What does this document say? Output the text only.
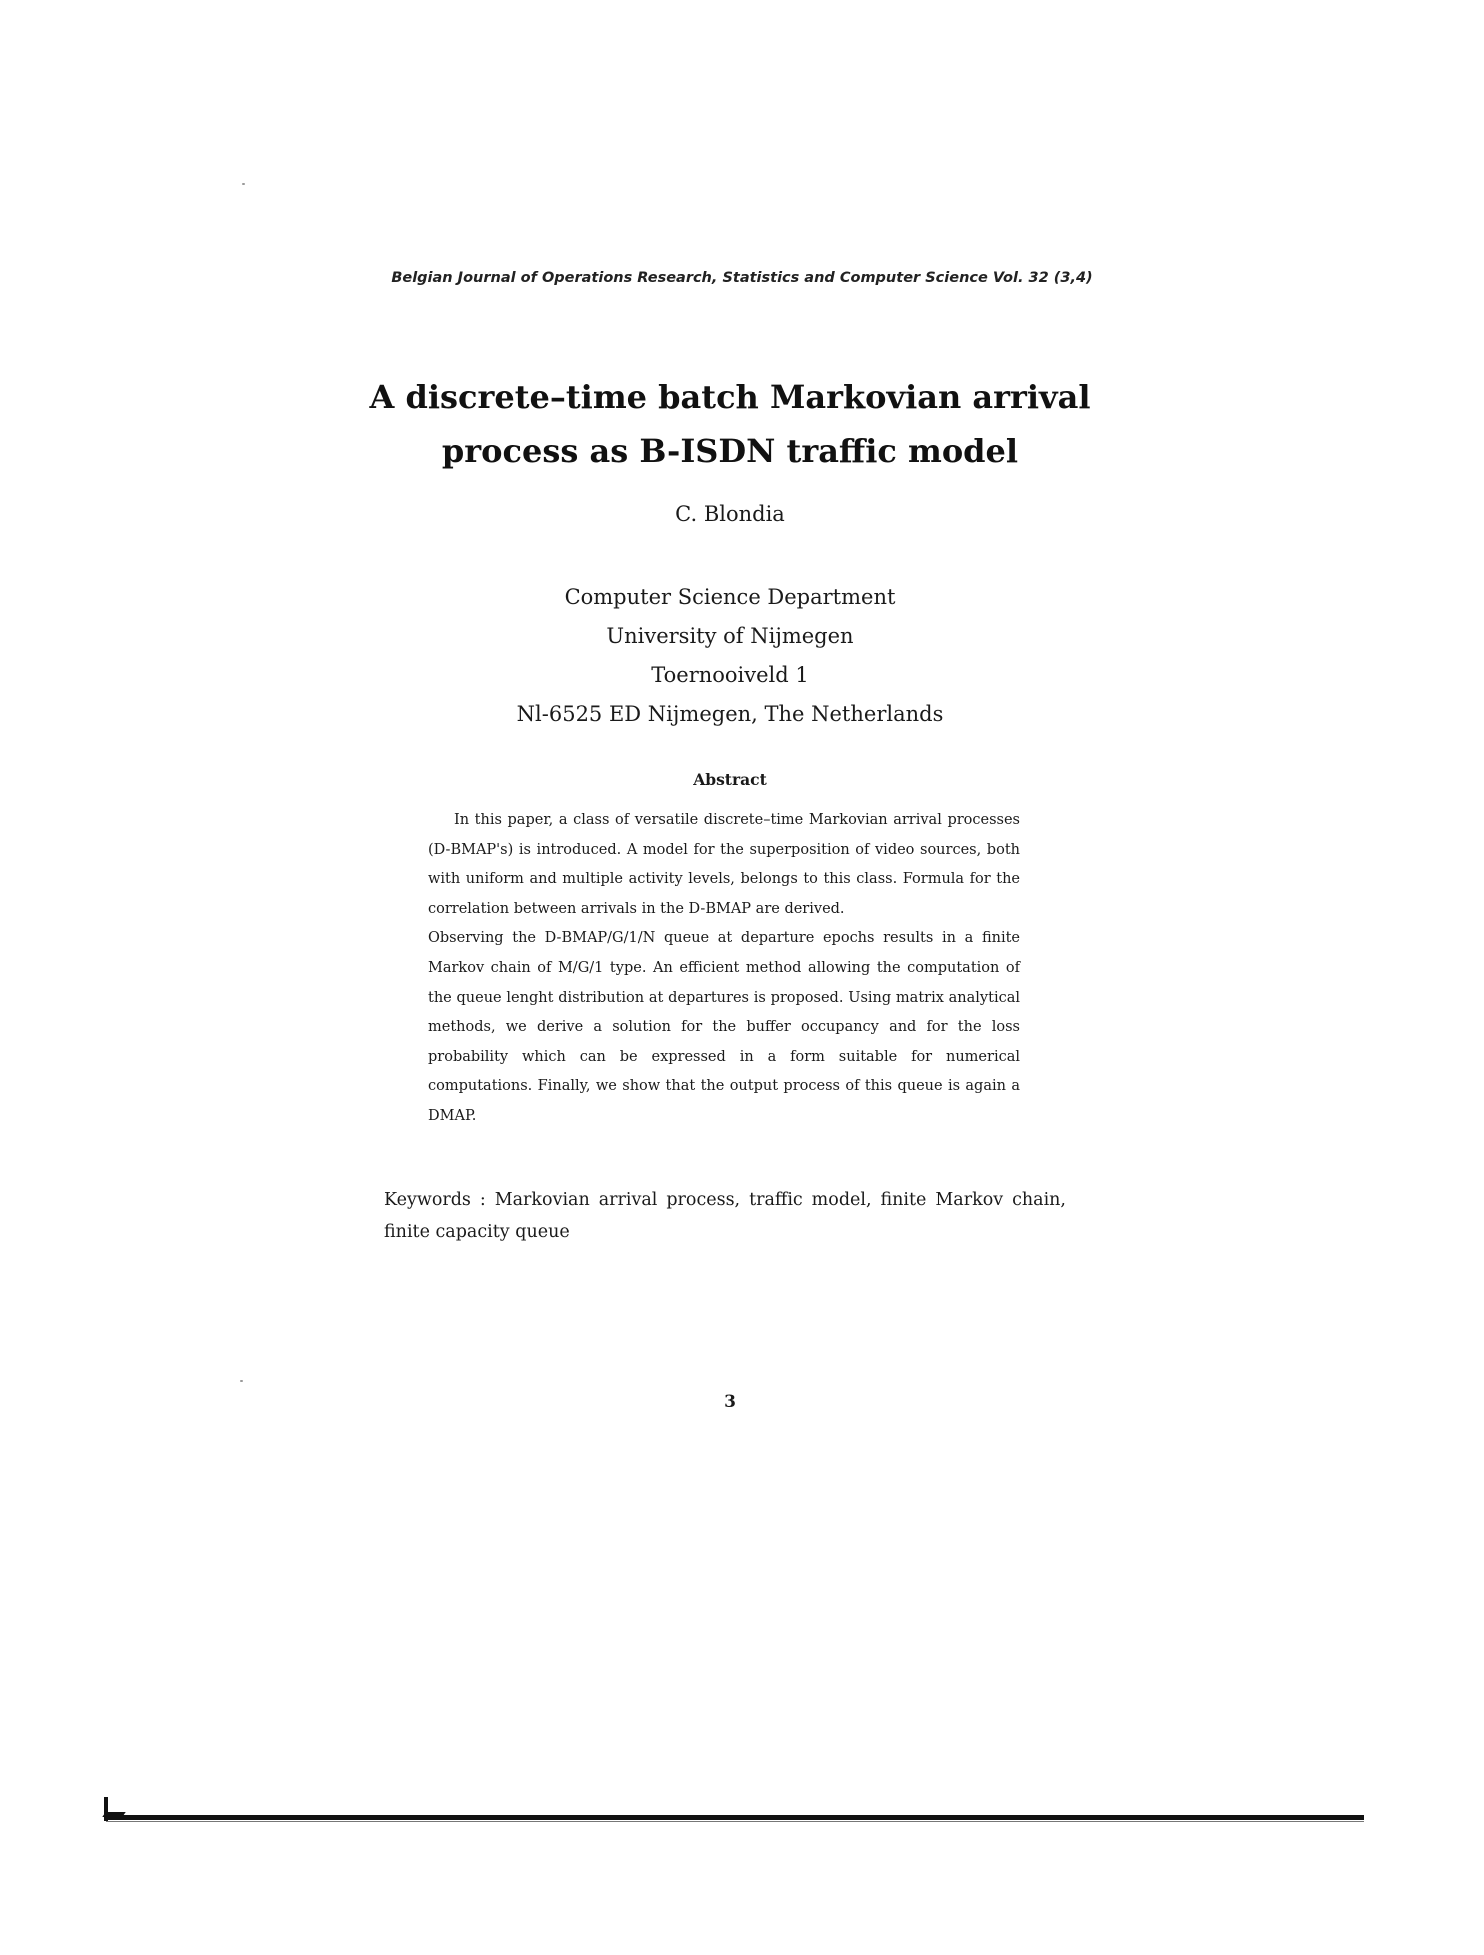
Belgian Journal of Operations Research, Statistics and Computer Science Vol. 32 (3,4)
A discrete–time batch Markovian arrival
process as B-ISDN traffic model
C. Blondia
Computer Science Department
University of Nijmegen
Toernooiveld 1
Nl-6525 ED Nijmegen, The Netherlands
Abstract

In this paper, a class of versatile discrete–time Markovian arrival processes (D-BMAP's) is introduced. A model for the superposition of video sources, both with uniform and multiple activity levels, belongs to this class. Formula for the correlation between arrivals in the D-BMAP are derived.

Observing the D-BMAP/G/1/N queue at departure epochs results in a finite Markov chain of M/G/1 type. An efficient method allowing the computation of the queue lenght distribution at departures is proposed. Using matrix analytical methods, we derive a solution for the buffer occupancy and for the loss probability which can be expressed in a form suitable for numerical computations. Finally, we show that the output process of this queue is again a DMAP.

Keywords : Markovian arrival process, traffic model, finite Markov chain, finite capacity queue
3
